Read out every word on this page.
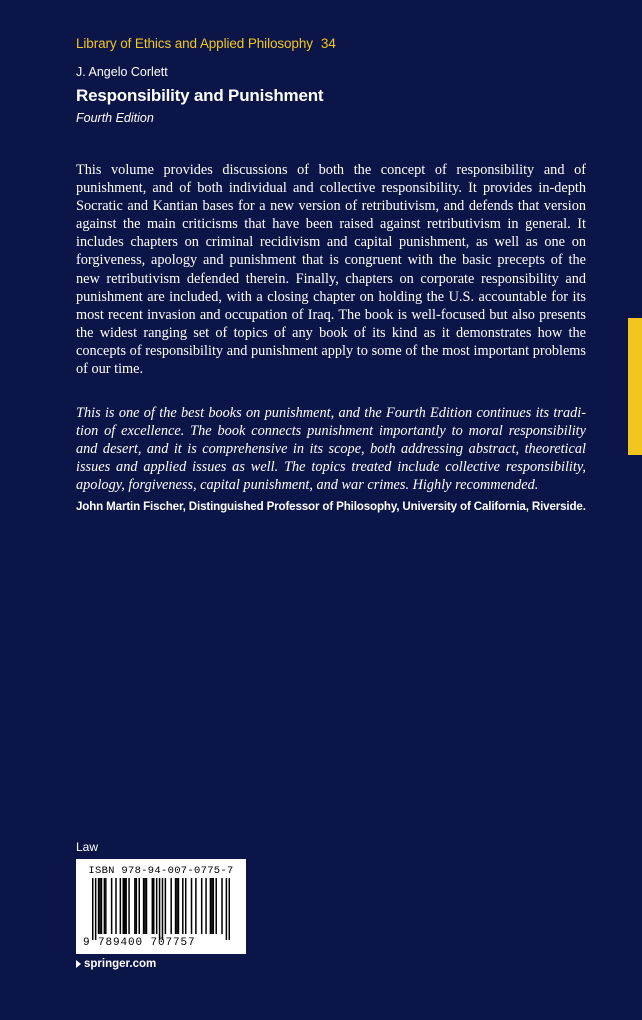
Library of Ethics and Applied Philosophy 34
J. Angelo Corlett
Responsibility and Punishment
Fourth Edition

This volume provides discussions of both the concept of responsibility and of punishment, and of both individual and collective responsibility. It provides in-depth Socratic and Kantian bases for a new version of retributivism, and defends that version against the main criticisms that have been raised against retributivism in general. It includes chapters on criminal recidivism and capital punishment, as well as one on forgiveness, apology and punishment that is congruent with the basic precepts of the new retributivism defended therein. Finally, chapters on corporate responsibility and punishment are included, with a closing chapter on holding the U.S. accountable for its most recent invasion and occupation of Iraq. The book is well-focused but also presents the widest ranging set of topics of any book of its kind as it demonstrates how the concepts of responsibility and punishment apply to some of the most important problems of our time.

This is one of the best books on punishment, and the Fourth Edition continues its tradition of excellence. The book connects punishment importantly to moral responsibility and desert, and it is comprehensive in its scope, both addressing abstract, theoretical issues and applied issues as well. The topics treated include collective responsibility, apology, forgiveness, capital punishment, and war crimes. Highly recommended.

John Martin Fischer, Distinguished Professor of Philosophy, University of California, Riverside.
Law
ISBN 978-94-007-0775-7
9 789400 707757
springer.com
